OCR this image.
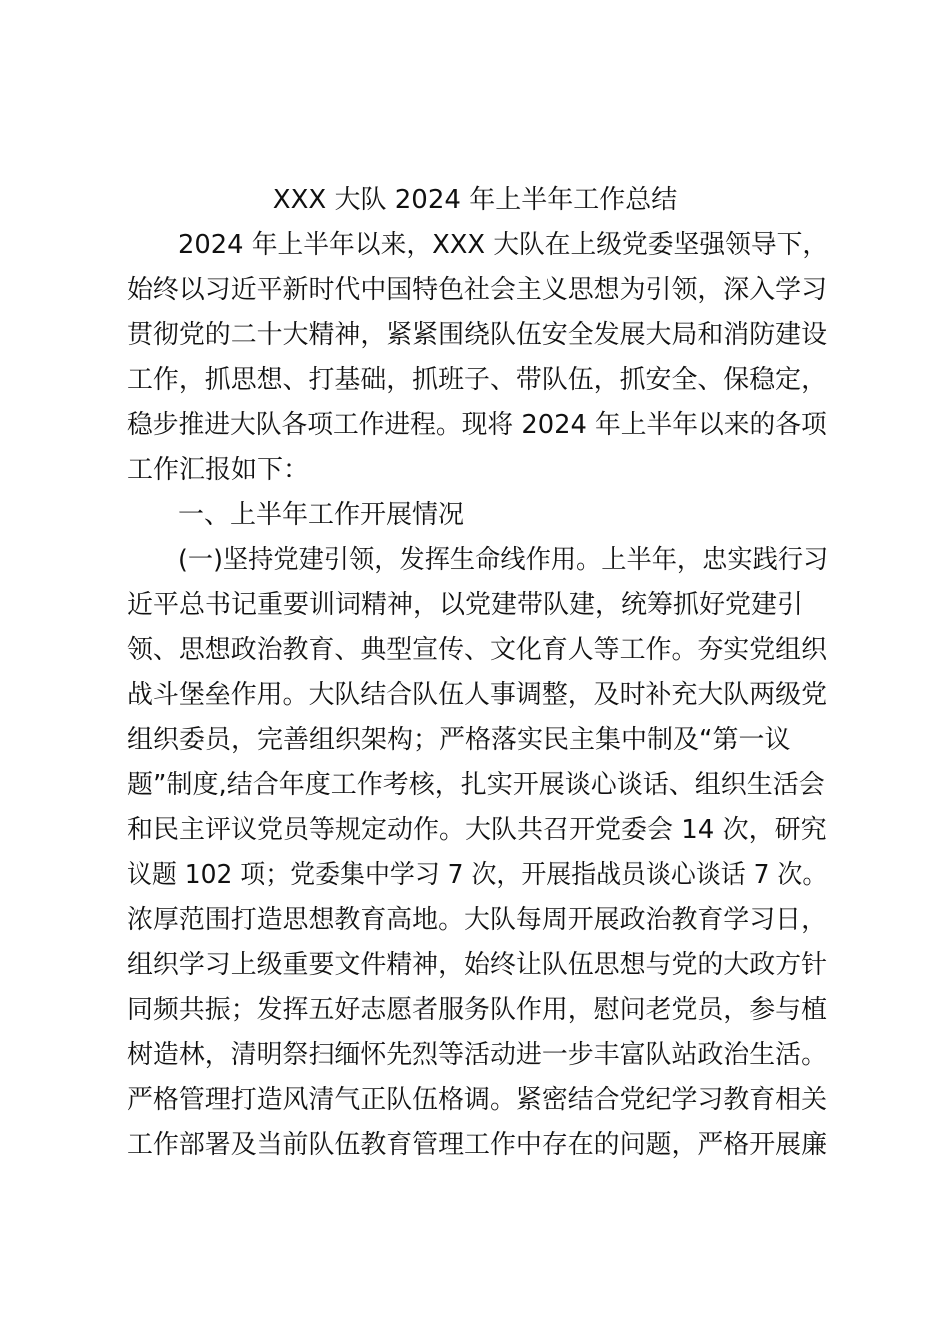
XXX 大队 2024 年上半年工作总结
2024 年上半年以来，XXX 大队在上级党委坚强领导下，
始终以习近平新时代中国特色社会主义思想为引领，深入学习
贯彻党的二十大精神，紧紧围绕队伍安全发展大局和消防建设
工作，抓思想、打基础，抓班子、带队伍，抓安全、保稳定，
稳步推进大队各项工作进程。现将 2024 年上半年以来的各项
工作汇报如下：
一、上半年工作开展情况
(一)坚持党建引领，发挥生命线作用。上半年，忠实践行习
近平总书记重要训词精神，以党建带队建，统筹抓好党建引
领、思想政治教育、典型宣传、文化育人等工作。夯实党组织
战斗堡垒作用。大队结合队伍人事调整，及时补充大队两级党
组织委员，完善组织架构；严格落实民主集中制及“第一议
题”制度,结合年度工作考核，扎实开展谈心谈话、组织生活会
和民主评议党员等规定动作。大队共召开党委会 14 次，研究
议题 102 项；党委集中学习 7 次，开展指战员谈心谈话 7 次。
浓厚范围打造思想教育高地。大队每周开展政治教育学习日，
组织学习上级重要文件精神，始终让队伍思想与党的大政方针
同频共振；发挥五好志愿者服务队作用，慰问老党员，参与植
树造林，清明祭扫缅怀先烈等活动进一步丰富队站政治生活。
严格管理打造风清气正队伍格调。紧密结合党纪学习教育相关
工作部署及当前队伍教育管理工作中存在的问题，严格开展廉
